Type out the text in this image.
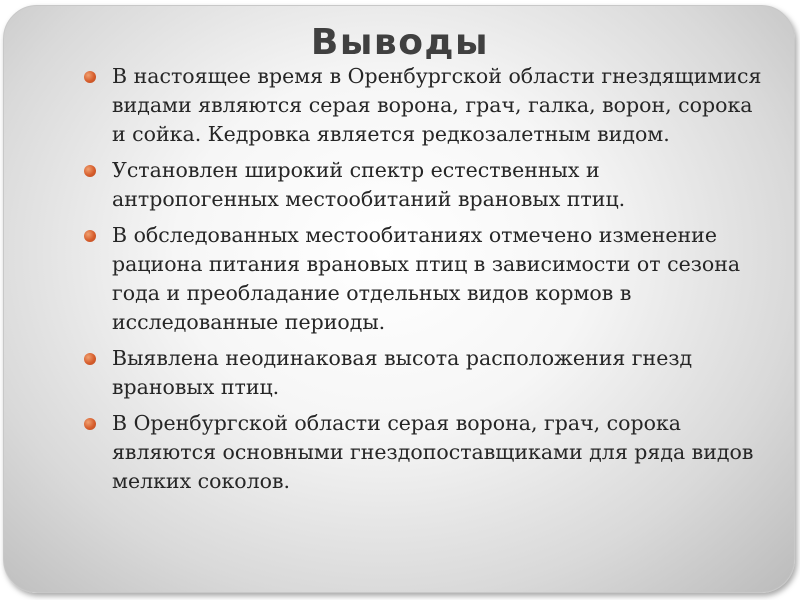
Выводы
В настоящее время в Оренбургской области гнездящимися видами являются серая ворона, грач, галка, ворон, сорока и сойка. Кедровка является редкозалетным видом.
Установлен широкий спектр естественных и антропогенных местообитаний врановых птиц.
В обследованных местообитаниях отмечено изменение рациона питания врановых птиц в зависимости от сезона года и преобладание отдельных видов кормов в исследованные периоды.
Выявлена неодинаковая высота расположения гнезд врановых птиц.
В Оренбургской области серая ворона, грач, сорока являются основными гнездопоставщиками для ряда видов мелких соколов.
